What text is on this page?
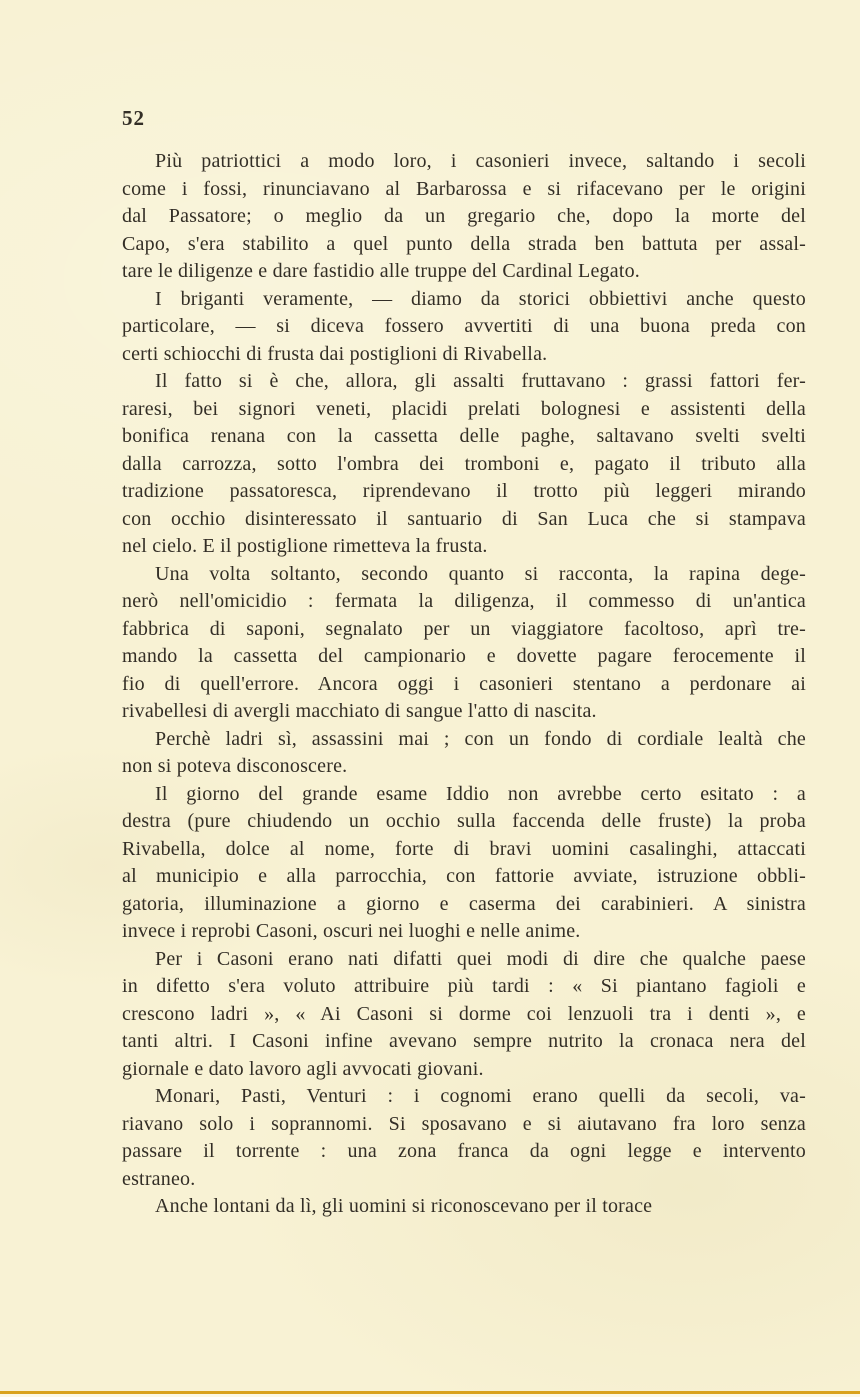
52
Più patriottici a modo loro, i casonieri invece, saltando i secoli
come i fossi, rinunciavano al Barbarossa e si rifacevano per le origini
dal Passatore; o meglio da un gregario che, dopo la morte del
Capo, s'era stabilito a quel punto della strada ben battuta per assal-
tare le diligenze e dare fastidio alle truppe del Cardinal Legato.
I briganti veramente, — diamo da storici obbiettivi anche questo
particolare, — si diceva fossero avvertiti di una buona preda con
certi schiocchi di frusta dai postiglioni di Rivabella.
Il fatto si è che, allora, gli assalti fruttavano : grassi fattori fer-
raresi, bei signori veneti, placidi prelati bolognesi e assistenti della
bonifica renana con la cassetta delle paghe, saltavano svelti svelti
dalla carrozza, sotto l'ombra dei tromboni e, pagato il tributo alla
tradizione passatoresca, riprendevano il trotto più leggeri mirando
con occhio disinteressato il santuario di San Luca che si stampava
nel cielo. E il postiglione rimetteva la frusta.
Una volta soltanto, secondo quanto si racconta, la rapina dege-
nerò nell'omicidio : fermata la diligenza, il commesso di un'antica
fabbrica di saponi, segnalato per un viaggiatore facoltoso, aprì tre-
mando la cassetta del campionario e dovette pagare ferocemente il
fio di quell'errore. Ancora oggi i casonieri stentano a perdonare ai
rivabellesi di avergli macchiato di sangue l'atto di nascita.
Perchè ladri sì, assassini mai ; con un fondo di cordiale lealtà che
non si poteva disconoscere.
Il giorno del grande esame Iddio non avrebbe certo esitato : a
destra (pure chiudendo un occhio sulla faccenda delle fruste) la proba
Rivabella, dolce al nome, forte di bravi uomini casalinghi, attaccati
al municipio e alla parrocchia, con fattorie avviate, istruzione obbli-
gatoria, illuminazione a giorno e caserma dei carabinieri. A sinistra
invece i reprobi Casoni, oscuri nei luoghi e nelle anime.
Per i Casoni erano nati difatti quei modi di dire che qualche paese
in difetto s'era voluto attribuire più tardi : « Si piantano fagioli e
crescono ladri », « Ai Casoni si dorme coi lenzuoli tra i denti », e
tanti altri. I Casoni infine avevano sempre nutrito la cronaca nera del
giornale e dato lavoro agli avvocati giovani.
Monari, Pasti, Venturi : i cognomi erano quelli da secoli, va-
riavano solo i soprannomi. Si sposavano e si aiutavano fra loro senza
passare il torrente : una zona franca da ogni legge e intervento
estraneo.
Anche lontani da lì, gli uomini si riconoscevano per il torace
